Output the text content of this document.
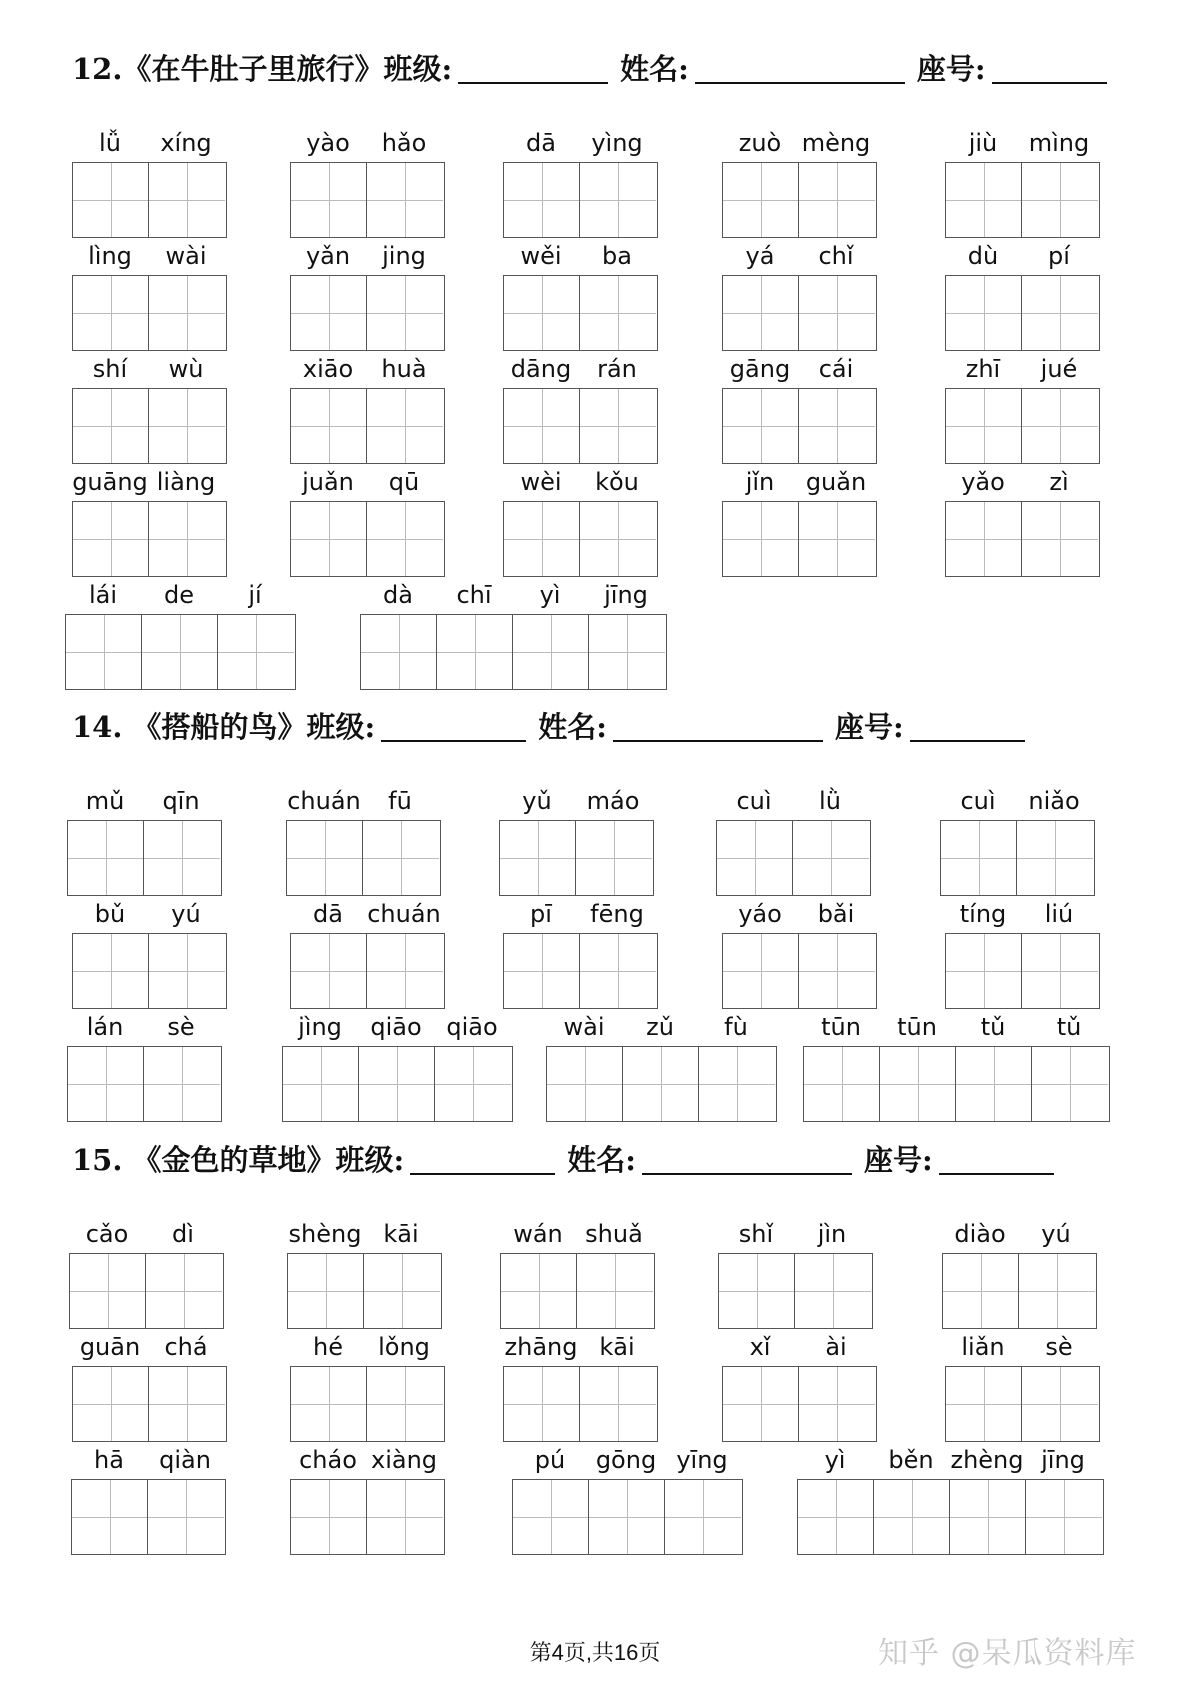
12.《在牛肚子里旅行》班级:	姓名:	座号:
lǚ	xíng	yào	hǎo	dā	yìng	zuò mèng	jiù	mìng
lìng	wài	yǎn	jing	wěi	ba	yá	chǐ	dù	pí
shí	wù	xiāo	huà	dāng	rán	gāng	cái	zhī	jué
guāng liàng	juǎn	qū	wèi	kǒu	jǐn	guǎn	yǎo	zì
lái	de	jí	dà	chī	yì	jīng
14. 《搭船的鸟》班级:	姓名:	座号:
mǔ	qīn	chuán	fū	yǔ	máo	cuì	lǜ	cuì	niǎo
bǔ	yú	dā	chuán	pī	fēng	yáo	bǎi	tíng	liú
lán	sè	jìng	qiāo	qiāo	wài	zǔ	fù	tūn	tūn	tǔ	tǔ
15. 《金色的草地》班级:	姓名:	座号:
cǎo	dì	shèng kāi	wán shuǎ	shǐ	jìn	diào	yú
guān	chá	hé	lǒng	zhāng kāi	xǐ	ài	liǎn	sè
hā	qiàn	cháo xiàng	pú	gōng yīng	yì	běn zhèng jīng
第4页,共16页	知乎 @呆瓜资料库
